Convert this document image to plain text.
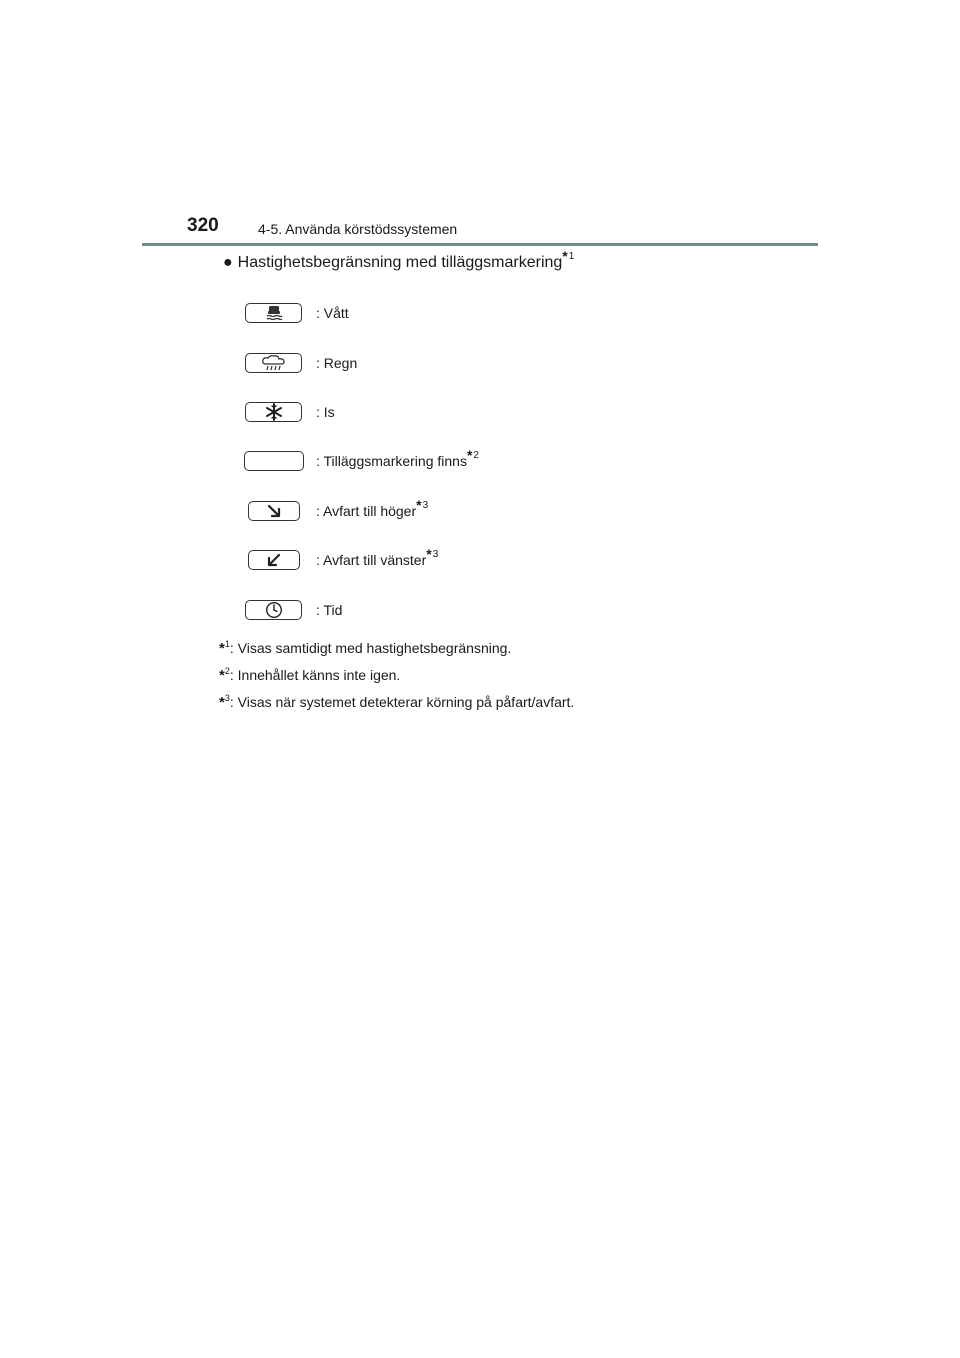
320	4-5. Använda körstödssystemen
● Hastighetsbegränsning med tilläggsmarkering$^{*1}$
: Vått
: Regn
: Is
: Tilläggsmarkering finns$^{*2}$
: Avfart till höger$^{*3}$
: Avfart till vänster$^{*3}$
: Tid
*$^1$: Visas samtidigt med hastighetsbegränsning.
*$^2$: Innehållet känns inte igen.
*$^3$: Visas när systemet detekterar körning på påfart/avfart.
